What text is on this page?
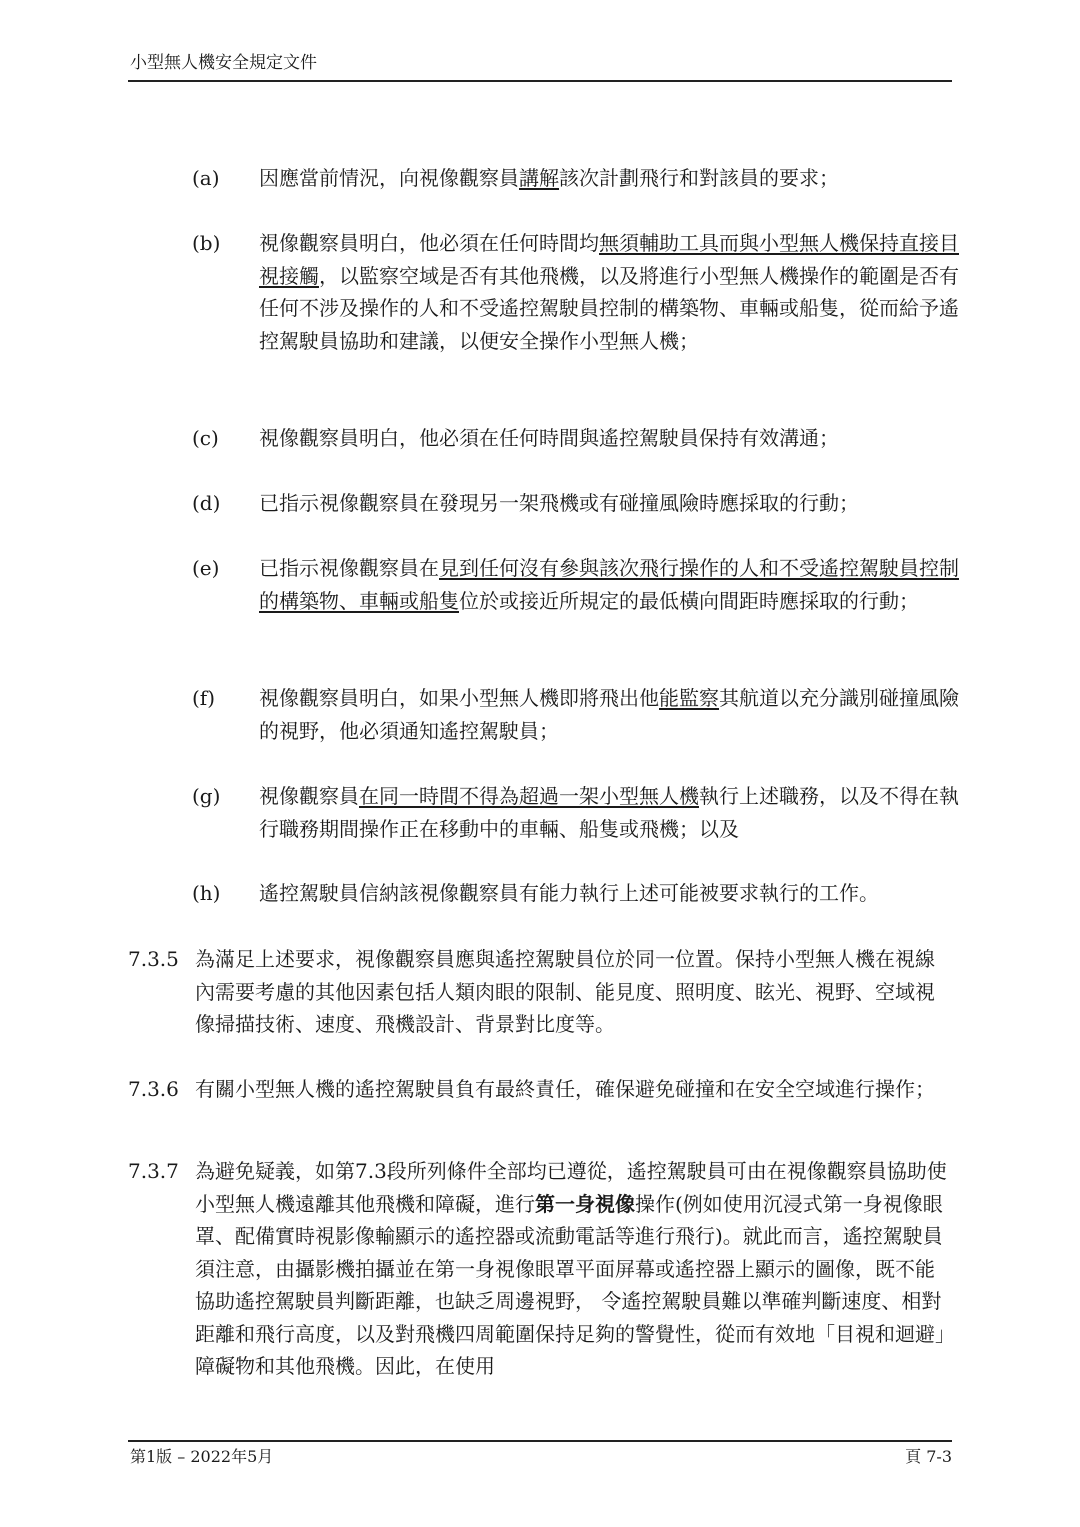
小型無人機安全規定文件
(a)	因應當前情況，向視像觀察員講解該次計劃飛行和對該員的要求；
(b)	視像觀察員明白，他必須在任何時間均無須輔助工具而與小型無人機保持直接目視接觸，以監察空域是否有其他飛機，以及將進行小型無人機操作的範圍是否有任何不涉及操作的人和不受遙控駕駛員控制的構築物、車輛或船隻，從而給予遙控駕駛員協助和建議，以便安全操作小型無人機；
(c)	視像觀察員明白，他必須在任何時間與遙控駕駛員保持有效溝通；
(d)	已指示視像觀察員在發現另一架飛機或有碰撞風險時應採取的行動；
(e)	已指示視像觀察員在見到任何沒有參與該次飛行操作的人和不受遙控駕駛員控制的構築物、車輛或船隻位於或接近所規定的最低橫向間距時應採取的行動；
(f)	視像觀察員明白，如果小型無人機即將飛出他能監察其航道以充分識別碰撞風險的視野，他必須通知遙控駕駛員；
(g)	視像觀察員在同一時間不得為超過一架小型無人機執行上述職務，以及不得在執行職務期間操作正在移動中的車輛、船隻或飛機；以及
(h)	遙控駕駛員信納該視像觀察員有能力執行上述可能被要求執行的工作。
7.3.5 為滿足上述要求，視像觀察員應與遙控駕駛員位於同一位置。保持小型無人機在視線內需要考慮的其他因素包括人類肉眼的限制、能見度、照明度、眩光、視野、空域視像掃描技術、速度、飛機設計、背景對比度等。
7.3.6 有關小型無人機的遙控駕駛員負有最終責任，確保避免碰撞和在安全空域進行操作；
7.3.7 為避免疑義，如第7.3段所列條件全部均已遵從，遙控駕駛員可由在視像觀察員協助使小型無人機遠離其他飛機和障礙，進行第一身視像操作(例如使用沉浸式第一身視像眼罩、配備實時視影像輸顯示的遙控器或流動電話等進行飛行)。就此而言，遙控駕駛員須注意，由攝影機拍攝並在第一身視像眼罩平面屏幕或遙控器上顯示的圖像，既不能協助遙控駕駛員判斷距離，也缺乏周邊視野， 令遙控駕駛員難以準確判斷速度、相對距離和飛行高度，以及對飛機四周範圍保持足夠的警覺性，從而有效地「目視和迴避」障礙物和其他飛機。因此，在使用
第1版 – 2022年5月	頁 7-3
